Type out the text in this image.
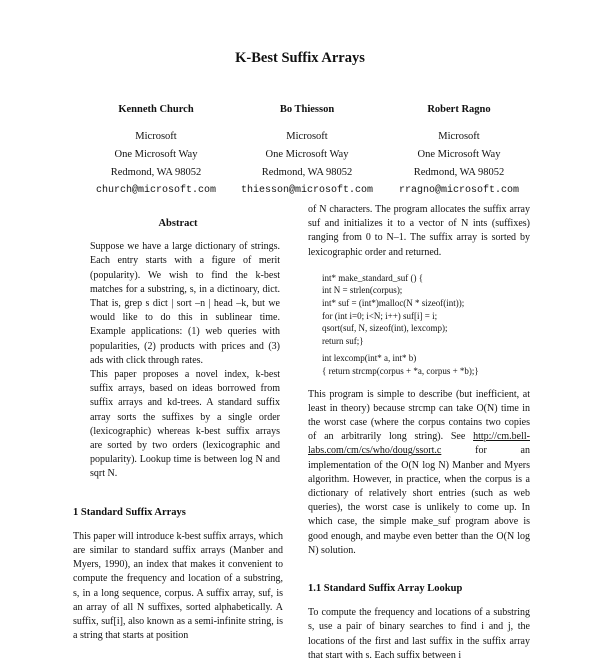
K-Best Suffix Arrays
Kenneth Church
Microsoft
One Microsoft Way
Redmond, WA 98052
church@microsoft.com
Bo Thiesson
Microsoft
One Microsoft Way
Redmond, WA 98052
thiesson@microsoft.com
Robert Ragno
Microsoft
One Microsoft Way
Redmond, WA 98052
rragno@microsoft.com
Abstract

Suppose we have a large dictionary of strings. Each entry starts with a figure of merit (popularity). We wish to find the k-best matches for a substring, s, in a dictinoary, dict. That is, grep s dict | sort –n | head –k, but we would like to do this in sublinear time. Example applications: (1) web queries with popularities, (2) products with prices and (3) ads with click through rates.

This paper proposes a novel index, k-best suffix arrays, based on ideas borrowed from suffix arrays and kd-trees. A standard suffix array sorts the suffixes by a single order (lexicographic) whereas k-best suffix arrays are sorted by two orders (lexicographic and popularity). Lookup time is between log N and sqrt N.

1 Standard Suffix Arrays

This paper will introduce k-best suffix arrays, which are similar to standard suffix arrays (Manber and Myers, 1990), an index that makes it convenient to compute the frequency and location of a substring, s, in a long sequence, corpus. A suffix array, suf, is an array of all N suffixes, sorted alphabetically. A suffix, suf[i], also known as a semi-infinite string, is a string that starts at position

of N characters. The program allocates the suffix array suf and initializes it to a vector of N ints (suffixes) ranging from 0 to N–1. The suffix array is sorted by lexicographic order and returned.

int* make_standard_suf () {
int N = strlen(corpus);
int* suf = (int*)malloc(N * sizeof(int));
for (int i=0; i<N; i++) suf[i] = i;
qsort(suf, N, sizeof(int), lexcomp);
return suf;}
int lexcomp(int* a, int* b)
{ return strcmp(corpus + *a, corpus + *b);}

This program is simple to describe (but inefficient, at least in theory) because strcmp can take O(N) time in the worst case (where the corpus contains two copies of an arbitrarily long string). See http://cm.bell-labs.com/cm/cs/who/doug/ssort.c	for an implementation of the O(N log N) Manber and Myers algorithm. However, in practice, when the corpus is a dictionary of relatively short entries (such as web queries), the worst case is unlikely to come up. In which case, the simple make_suf program above is good enough, and maybe even better than the O(N log N) solution.

1.1 Standard Suffix Array Lookup

To compute the frequency and locations of a substring s, use a pair of binary searches to find i and j, the locations of the first and last suffix in the suffix array that start with s. Each suffix between i
